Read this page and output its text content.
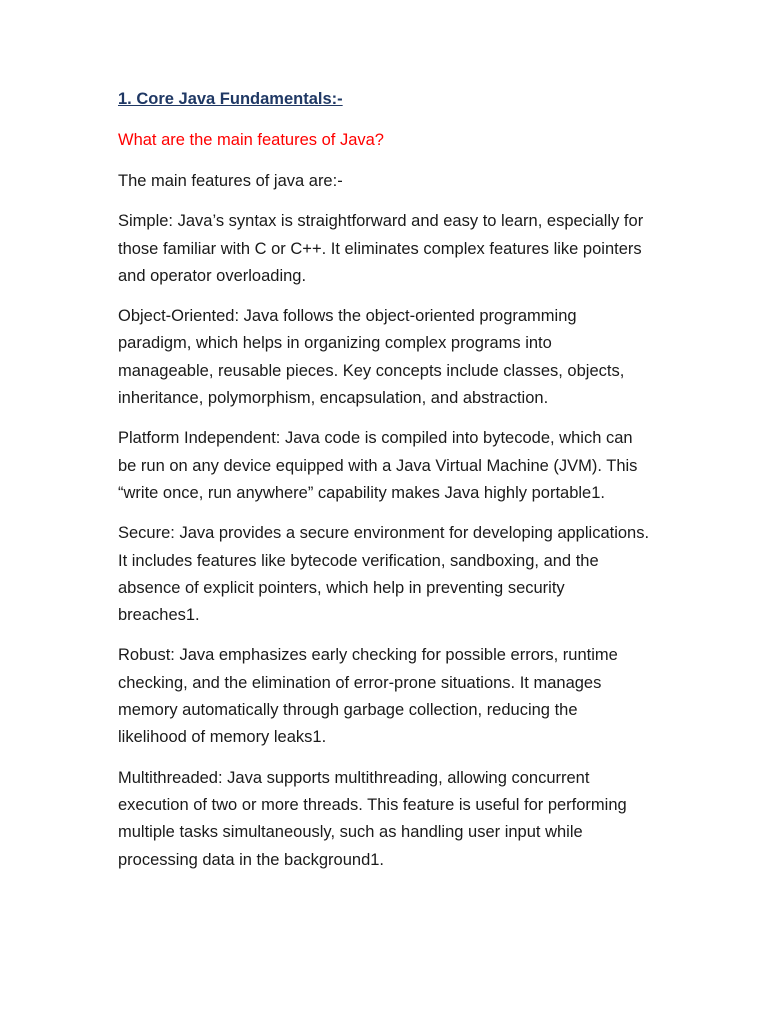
1. Core Java Fundamentals:-
What are the main features of Java?
The main features of java are:-
Simple: Java’s syntax is straightforward and easy to learn, especially for those familiar with C or C++. It eliminates complex features like pointers and operator overloading.
Object-Oriented: Java follows the object-oriented programming paradigm, which helps in organizing complex programs into manageable, reusable pieces. Key concepts include classes, objects, inheritance, polymorphism, encapsulation, and abstraction.
Platform Independent: Java code is compiled into bytecode, which can be run on any device equipped with a Java Virtual Machine (JVM). This “write once, run anywhere” capability makes Java highly portable1.
Secure: Java provides a secure environment for developing applications. It includes features like bytecode verification, sandboxing, and the absence of explicit pointers, which help in preventing security breaches1.
Robust: Java emphasizes early checking for possible errors, runtime checking, and the elimination of error-prone situations. It manages memory automatically through garbage collection, reducing the likelihood of memory leaks1.
Multithreaded: Java supports multithreading, allowing concurrent execution of two or more threads. This feature is useful for performing multiple tasks simultaneously, such as handling user input while processing data in the background1.
